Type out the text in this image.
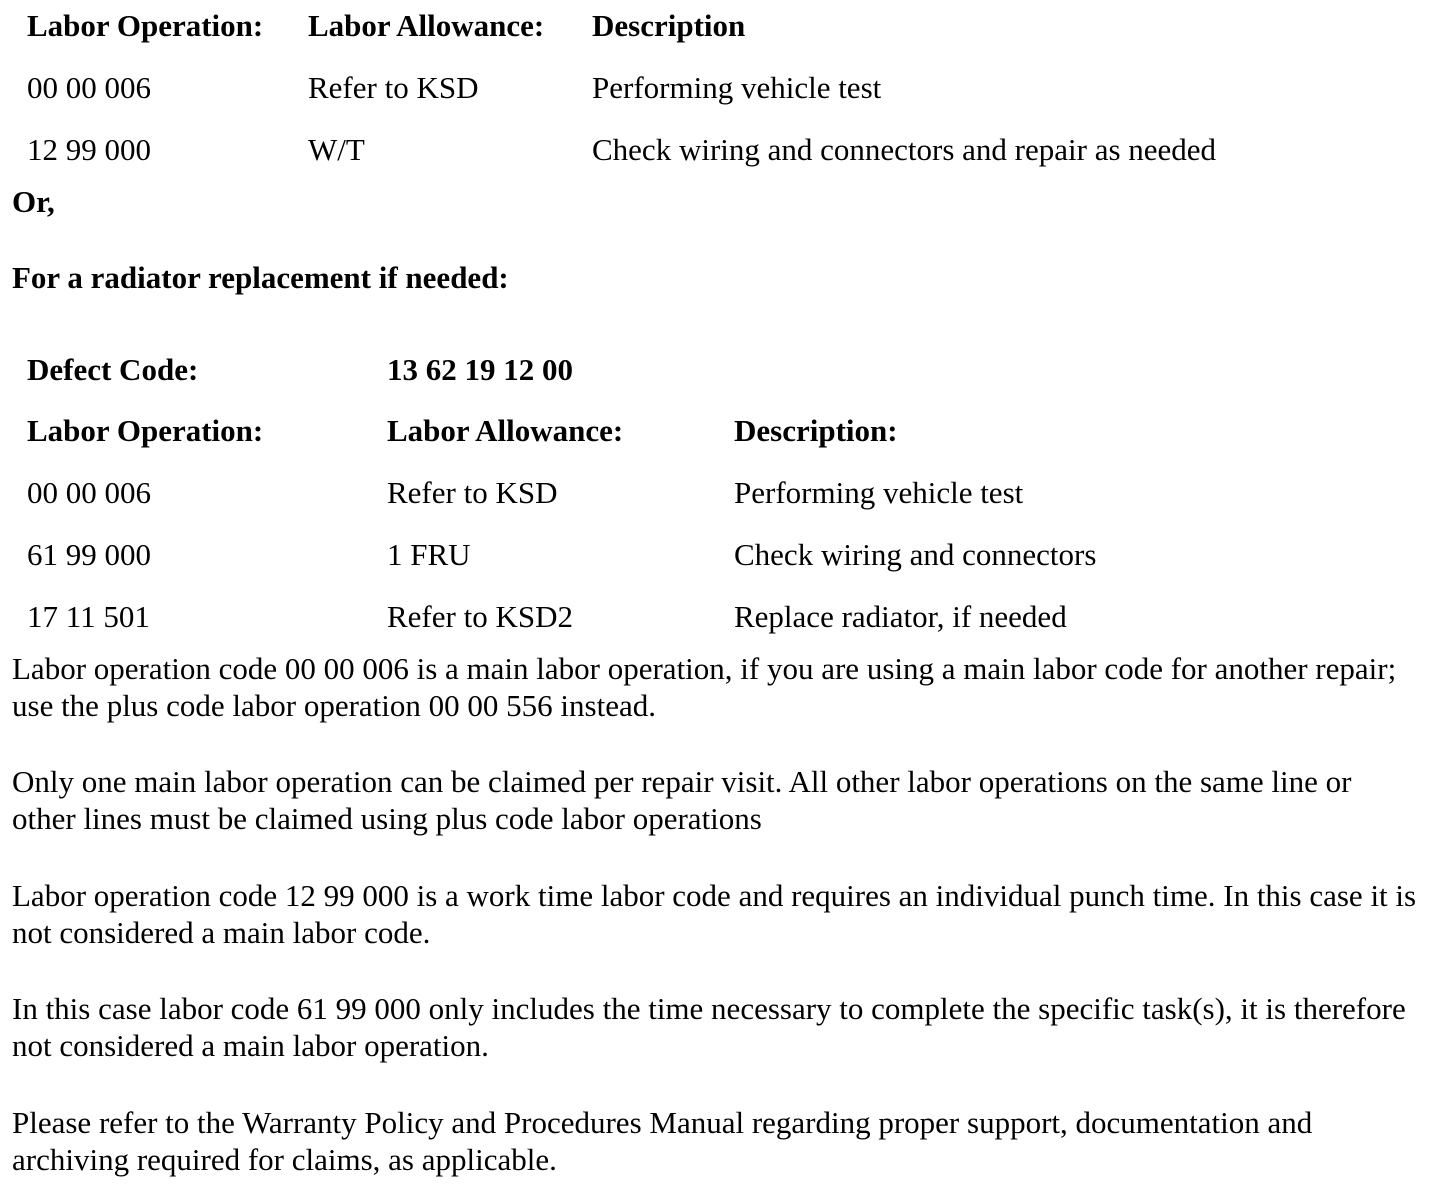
Labor Operation: Labor Allowance: Description
00 00 006	Refer to KSD	Performing vehicle test
12 99 000	W/T	Check wiring and connectors and repair as needed
Or,
For a radiator replacement if needed:
Defect Code:	13 62 19 12 00
Labor Operation:	Labor Allowance:	Description:
00 00 006	Refer to KSD	Performing vehicle test
61 99 000	1 FRU	Check wiring and connectors
17 11 501	Refer to KSD2	Replace radiator, if needed
Labor operation code 00 00 006 is a main labor operation, if you are using a main labor code for another repair; use the plus code labor operation 00 00 556 instead.
Only one main labor operation can be claimed per repair visit. All other labor operations on the same line or other lines must be claimed using plus code labor operations
Labor operation code 12 99 000 is a work time labor code and requires an individual punch time. In this case it is not considered a main labor code.
In this case labor code 61 99 000 only includes the time necessary to complete the specific task(s), it is therefore not considered a main labor operation.
Please refer to the Warranty Policy and Procedures Manual regarding proper support, documentation and archiving required for claims, as applicable.
